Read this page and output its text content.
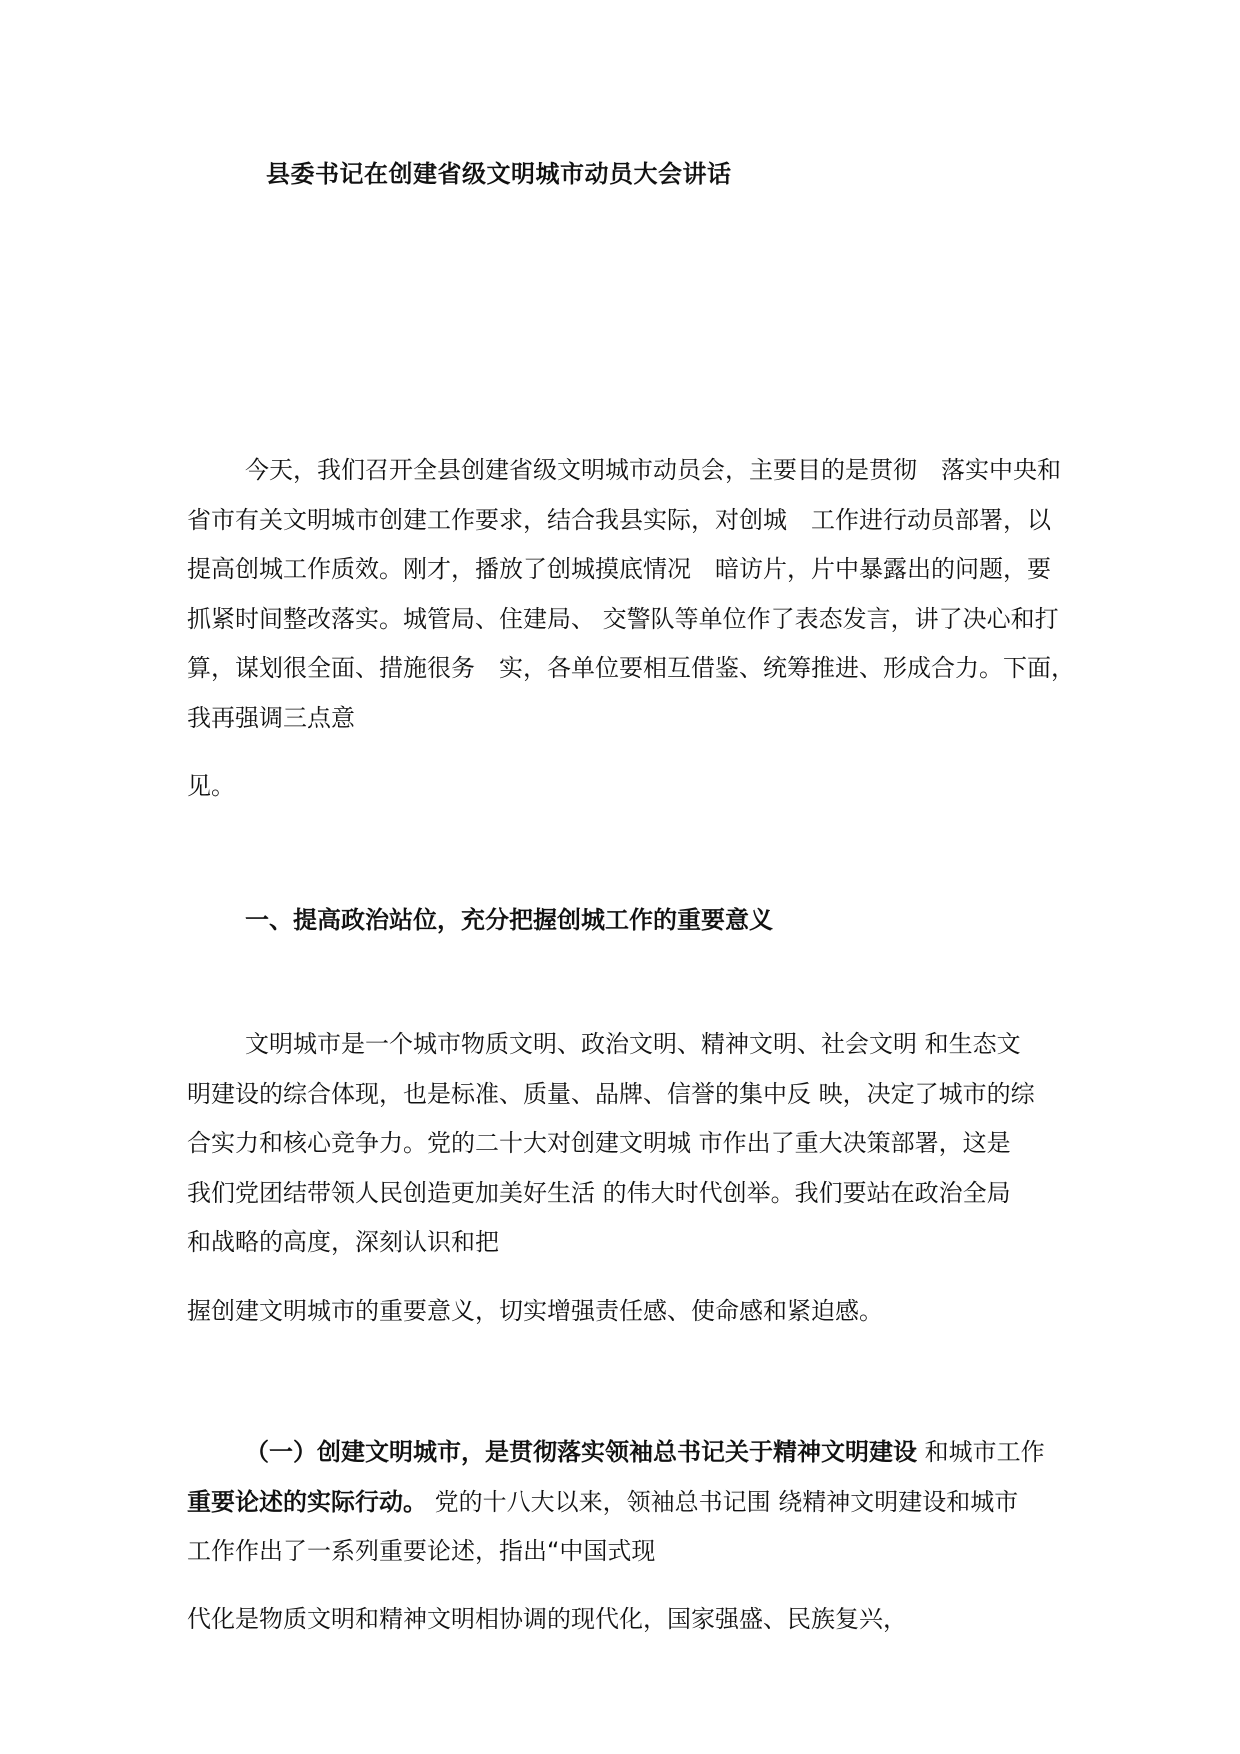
县委书记在创建省级文明城市动员大会讲话
今天，我们召开全县创建省级文明城市动员会，主要目的是贯彻　落实中央和
省市有关文明城市创建工作要求，结合我县实际，对创城　工作进行动员部署，以
提高创城工作质效。刚才，播放了创城摸底情况　暗访片，片中暴露出的问题，要
抓紧时间整改落实。城管局、住建局、 交警队等单位作了表态发言，讲了决心和打
算，谋划很全面、措施很务　实，各单位要相互借鉴、统筹推进、形成合力。下面，
我再强调三点意
见。
一、提高政治站位，充分把握创城工作的重要意义
文明城市是一个城市物质文明、政治文明、精神文明、社会文明 和生态文
明建设的综合体现，也是标准、质量、品牌、信誉的集中反 映，决定了城市的综
合实力和核心竞争力。党的二十大对创建文明城 市作出了重大决策部署，这是
我们党团结带领人民创造更加美好生活 的伟大时代创举。我们要站在政治全局
和战略的高度，深刻认识和把
握创建文明城市的重要意义，切实增强责任感、使命感和紧迫感。
（一）创建文明城市，是贯彻落实领袖总书记关于精神文明建设 和城市工作
重要论述的实际行动。 党的十八大以来，领袖总书记围 绕精神文明建设和城市
工作作出了一系列重要论述，指出“中国式现
代化是物质文明和精神文明相协调的现代化，国家强盛、民族复兴，
